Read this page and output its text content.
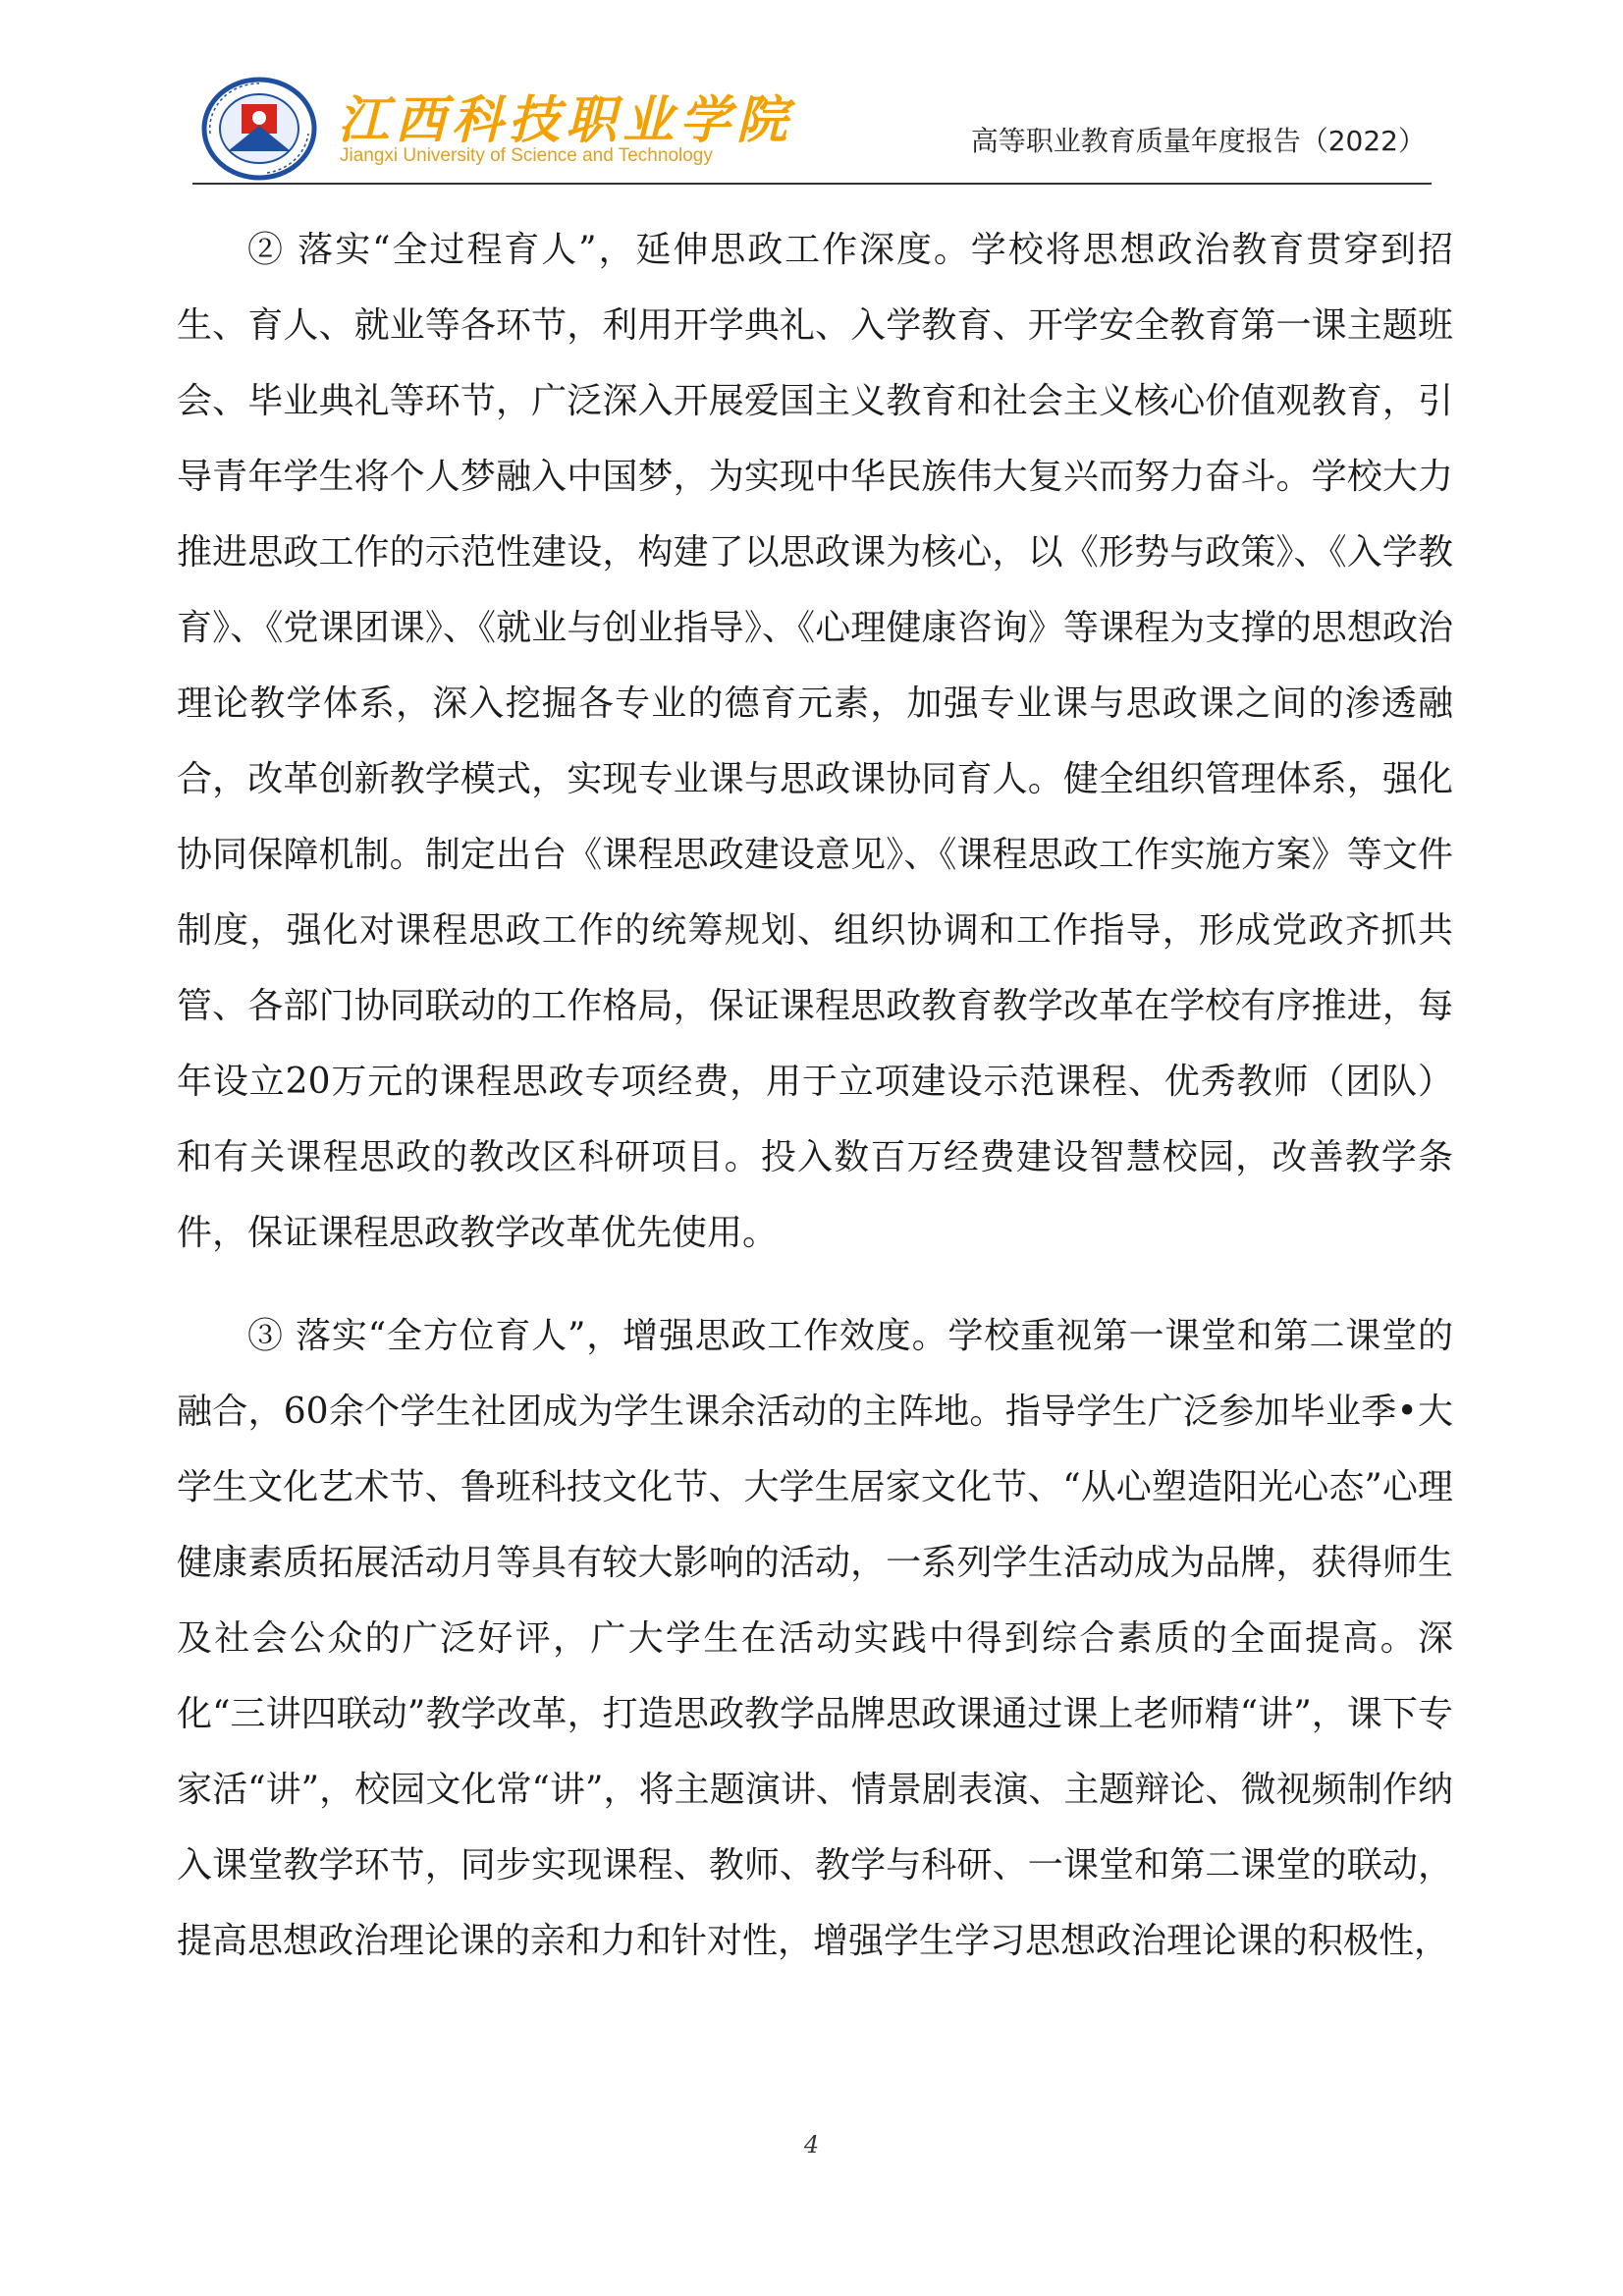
江西科技职业学院
Jiangxi University of Science and Technology	高等职业教育质量年度报告（2022）

② 落实“全过程育人”，延伸思政工作深度。学校将思想政治教育贯穿到招生、育人、就业等各环节，利用开学典礼、入学教育、开学安全教育第一课主题班会、毕业典礼等环节，广泛深入开展爱国主义教育和社会主义核心价值观教育，引导青年学生将个人梦融入中国梦，为实现中华民族伟大复兴而努力奋斗。学校大力推进思政工作的示范性建设，构建了以思政课为核心，以《形势与政策》、《入学教育》、《党课团课》、《就业与创业指导》、《心理健康咨询》等课程为支撑的思想政治理论教学体系，深入挖掘各专业的德育元素，加强专业课与思政课之间的渗透融合，改革创新教学模式，实现专业课与思政课协同育人。健全组织管理体系，强化协同保障机制。制定出台《课程思政建设意见》、《课程思政工作实施方案》等文件制度，强化对课程思政工作的统筹规划、组织协调和工作指导，形成党政齐抓共管、各部门协同联动的工作格局，保证课程思政教育教学改革在学校有序推进，每年设立20万元的课程思政专项经费，用于立项建设示范课程、优秀教师（团队）和有关课程思政的教改区科研项目。投入数百万经费建设智慧校园，改善教学条件，保证课程思政教学改革优先使用。

③ 落实“全方位育人”，增强思政工作效度。学校重视第一课堂和第二课堂的融合，60余个学生社团成为学生课余活动的主阵地。指导学生广泛参加毕业季•大学生文化艺术节、鲁班科技文化节、大学生居家文化节、“从心塑造阳光心态”心理健康素质拓展活动月等具有较大影响的活动，一系列学生活动成为品牌，获得师生及社会公众的广泛好评，广大学生在活动实践中得到综合素质的全面提高。深化“三讲四联动”教学改革，打造思政教学品牌思政课通过课上老师精“讲”，课下专家活“讲”，校园文化常“讲”，将主题演讲、情景剧表演、主题辩论、微视频制作纳入课堂教学环节，同步实现课程、教师、教学与科研、一课堂和第二课堂的联动，提高思想政治理论课的亲和力和针对性，增强学生学习思想政治理论课的积极性，

4
